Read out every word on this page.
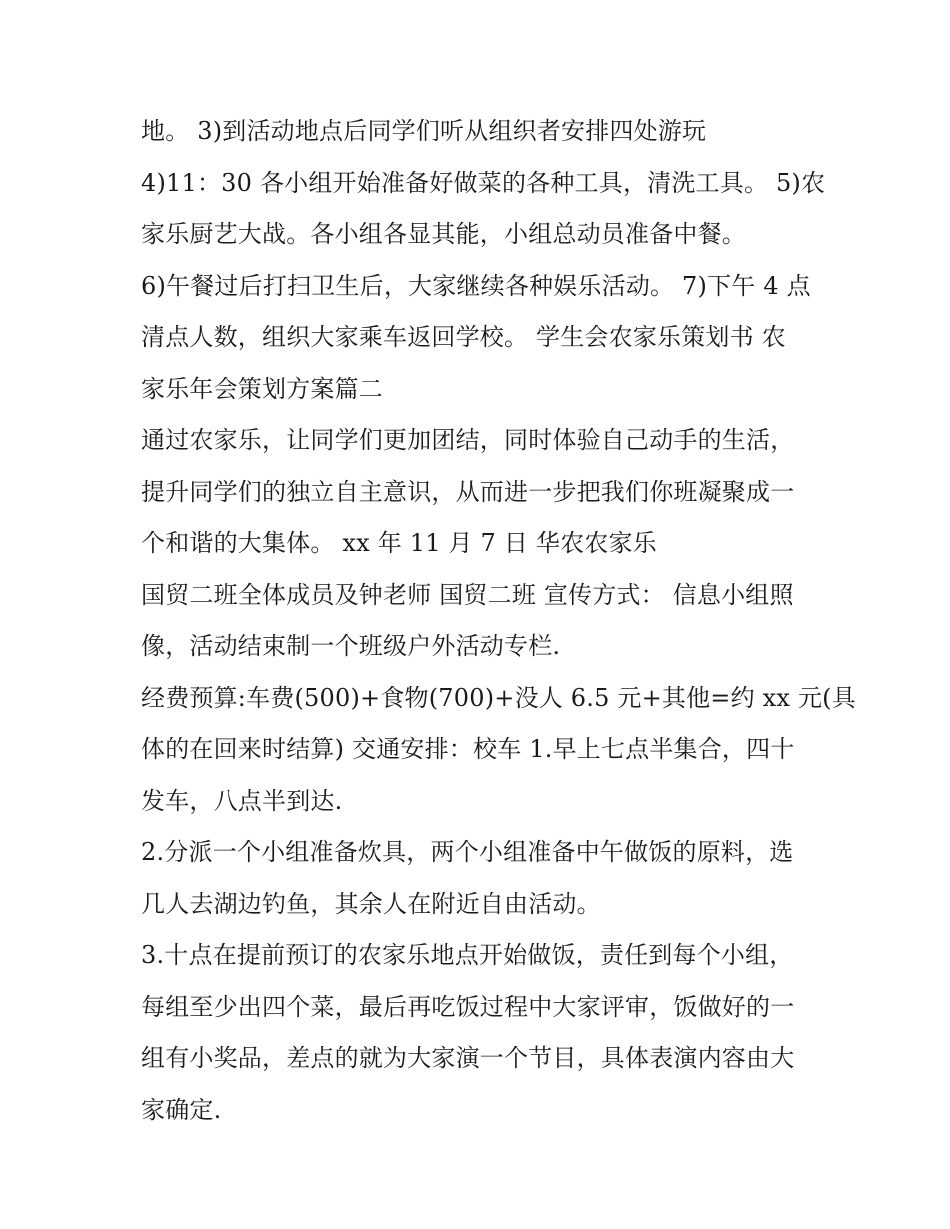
地。 3)到活动地点后同学们听从组织者安排四处游玩
4)11：30 各小组开始准备好做菜的各种工具，清洗工具。 5)农
家乐厨艺大战。各小组各显其能，小组总动员准备中餐。
6)午餐过后打扫卫生后，大家继续各种娱乐活动。 7)下午 4 点
清点人数，组织大家乘车返回学校。 学生会农家乐策划书 农
家乐年会策划方案篇二
通过农家乐，让同学们更加团结，同时体验自己动手的生活，
提升同学们的独立自主意识，从而进一步把我们你班凝聚成一
个和谐的大集体。 xx 年 11 月 7 日 华农农家乐
国贸二班全体成员及钟老师 国贸二班 宣传方式： 信息小组照
像，活动结束制一个班级户外活动专栏.
经费预算:车费(500)+食物(700)+没人 6.5 元+其他=约 xx 元(具
体的在回来时结算) 交通安排：校车 1.早上七点半集合，四十
发车，八点半到达.
2.分派一个小组准备炊具，两个小组准备中午做饭的原料，选
几人去湖边钓鱼，其余人在附近自由活动。
3.十点在提前预订的农家乐地点开始做饭，责任到每个小组，
每组至少出四个菜，最后再吃饭过程中大家评审，饭做好的一
组有小奖品，差点的就为大家演一个节目，具体表演内容由大
家确定.
